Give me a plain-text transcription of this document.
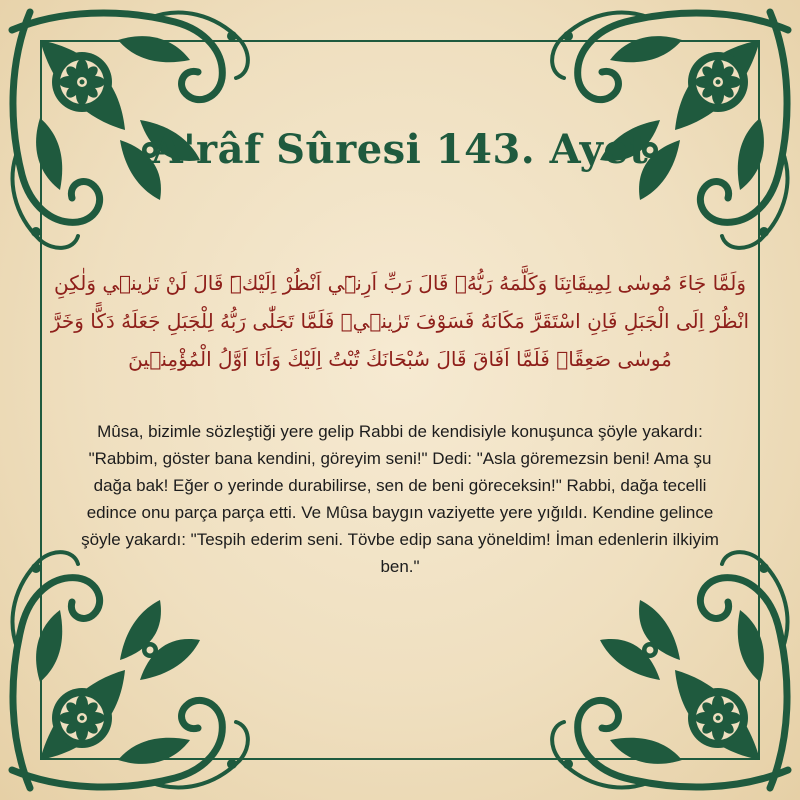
A'râf Sûresi 143. Ayet

وَلَمَّا جَاءَ مُوسٰى لِمِيقَاتِنَا وَكَلَّمَهُ رَبُّهُۙ قَالَ رَبِّ اَرِنٖٓي اَنْظُرْ اِلَيْكَۜ قَالَ لَنْ تَرٰينٖي وَلٰكِنِ انْظُرْ اِلَى الْجَبَلِ فَاِنِ اسْتَقَرَّ مَكَانَهُ فَسَوْفَ تَرٰينٖيۚ فَلَمَّا تَجَلّٰى رَبُّهُ لِلْجَبَلِ جَعَلَهُ دَكًّا وَخَرَّ مُوسٰى صَعِقًاۚ فَلَمَّا اَفَاقَ قَالَ سُبْحَانَكَ تُبْتُ اِلَيْكَ وَاَنَا اَوَّلُ الْمُؤْمِنٖينَ

Mûsa, bizimle sözleştiği yere gelip Rabbi de kendisiyle konuşunca şöyle yakardı: "Rabbim, göster bana kendini, göreyim seni!" Dedi: "Asla göremezsin beni! Ama şu dağa bak! Eğer o yerinde durabilirse, sen de beni göreceksin!" Rabbi, dağa tecelli edince onu parça parça etti. Ve Mûsa baygın vaziyette yere yığıldı. Kendine gelince şöyle yakardı: "Tespih ederim seni. Tövbe edip sana yöneldim! İman edenlerin ilkiyim ben."
